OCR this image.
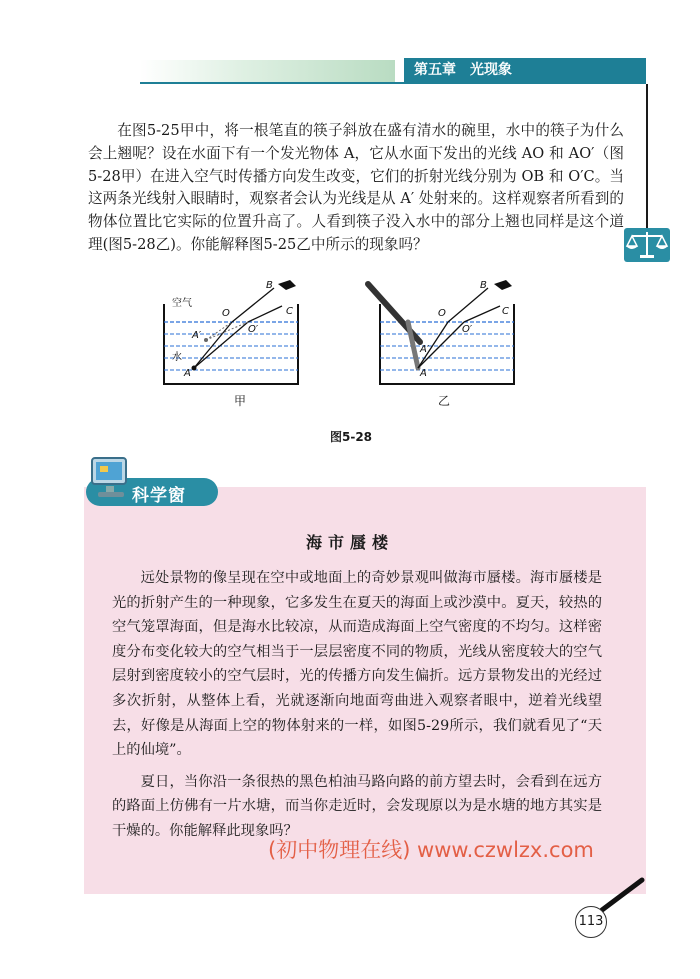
第五章　光现象
在图5-25甲中，将一根笔直的筷子斜放在盛有清水的碗里，水中的筷子为什么会上翘呢？设在水面下有一个发光物体 A，它从水面下发出的光线 AO 和 AO′（图5-28甲）在进入空气时传播方向发生改变，它们的折射光线分别为 OB 和 O′C。当这两条光线射入眼睛时，观察者会认为光线是从 A′ 处射来的。这样观察者所看到的物体位置比它实际的位置升高了。人看到筷子没入水中的部分上翘也同样是这个道理(图5-28乙)。你能解释图5-25乙中所示的现象吗？
空气
水
B
C
O
O′
A
A′
B
C
O
O′
A
A′
甲	乙
图5-28
科学窗
海市蜃楼

远处景物的像呈现在空中或地面上的奇妙景观叫做海市蜃楼。海市蜃楼是光的折射产生的一种现象，它多发生在夏天的海面上或沙漠中。夏天，较热的空气笼罩海面，但是海水比较凉，从而造成海面上空气密度的不均匀。这样密度分布变化较大的空气相当于一层层密度不同的物质，光线从密度较大的空气层射到密度较小的空气层时，光的传播方向发生偏折。远方景物发出的光经过多次折射，从整体上看，光就逐渐向地面弯曲进入观察者眼中，逆着光线望去，好像是从海面上空的物体射来的一样，如图5-29所示，我们就看见了“天上的仙境”。

夏日，当你沿一条很热的黑色柏油马路向路的前方望去时，会看到在远方的路面上仿佛有一片水塘，而当你走近时，会发现原以为是水塘的地方其实是干燥的。你能解释此现象吗？

(初中物理在线) www.czwlzx.com
113
